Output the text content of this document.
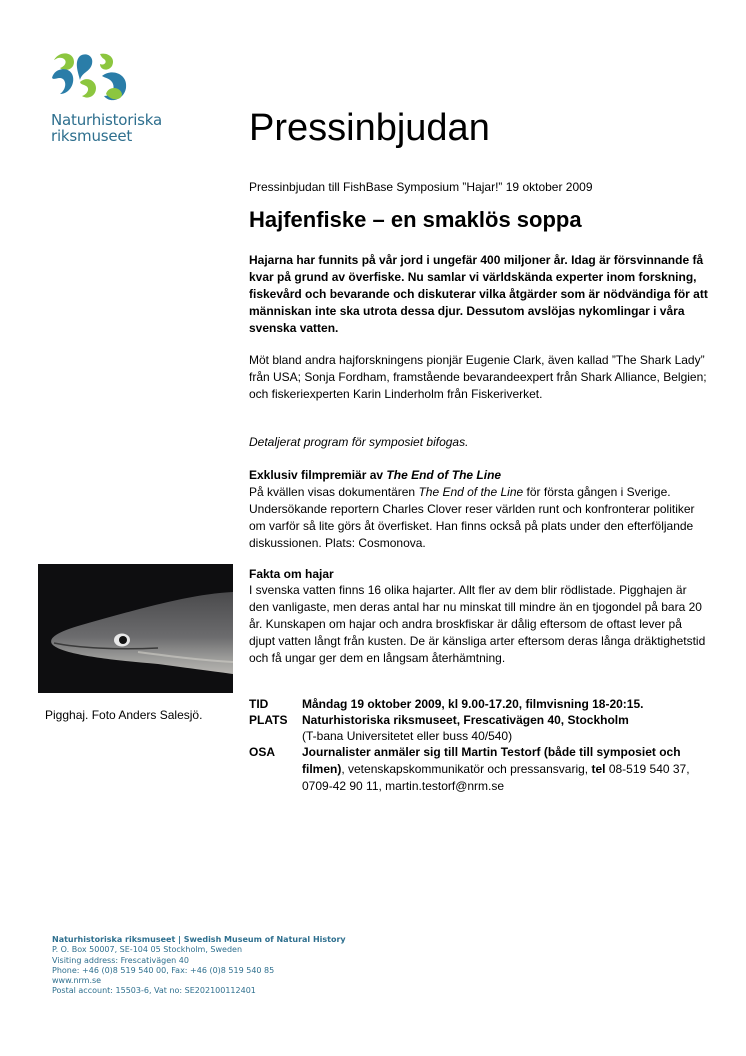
Naturhistoriska
riksmuseet	Pressinbjudan
Pressinbjudan till FishBase Symposium ”Hajar!” 19 oktober 2009
Hajfenfiske – en smaklös soppa
Hajarna har funnits på vår jord i ungefär 400 miljoner år. Idag är försvinnande få kvar på grund av överfiske. Nu samlar vi världskända experter inom forskning, fiskevård och bevarande och diskuterar vilka åtgärder som är nödvändiga för att människan inte ska utrota dessa djur. Dessutom avslöjas nykomlingar i våra svenska vatten.
Möt bland andra hajforskningens pionjär Eugenie Clark, även kallad ”The Shark Lady” från USA; Sonja Fordham, framstående bevarandeexpert från Shark Alliance, Belgien; och fiskeriexperten Karin Linderholm från Fiskeriverket.
Detaljerat program för symposiet bifogas.
Exklusiv filmpremiär av The End of The Line
På kvällen visas dokumentären The End of the Line för första gången i Sverige. Undersökande reportern Charles Clover reser världen runt och konfronterar politiker om varför så lite görs åt överfisket. Han finns också på plats under den efterföljande diskussionen. Plats: Cosmonova.
Fakta om hajar
I svenska vatten finns 16 olika hajarter. Allt fler av dem blir rödlistade. Pigghajen är den vanligaste, men deras antal har nu minskat till mindre än en tjogondel på bara 20 år. Kunskapen om hajar och andra broskfiskar är dålig eftersom de oftast lever på djupt vatten långt från kusten. De är känsliga arter eftersom deras långa dräktighetstid och få ungar ger dem en långsam återhämtning.
Pigghaj. Foto Anders Salesjö.
TID	Måndag 19 oktober 2009, kl 9.00-17.20, filmvisning 18-20:15.
PLATS Naturhistoriska riksmuseet, Frescativägen 40, Stockholm
(T-bana Universitetet eller buss 40/540)
OSA Journalister anmäler sig till Martin Testorf (både till symposiet och filmen), vetenskapskommunikatör och pressansvarig, tel 08-519 540 37, 0709-42 90 11, martin.testorf@nrm.se
Naturhistoriska riksmuseet | Swedish Museum of Natural History
P. O. Box 50007, SE-104 05 Stockholm, Sweden
Visiting address: Frescativägen 40
Phone: +46 (0)8 519 540 00, Fax: +46 (0)8 519 540 85
www.nrm.se
Postal account: 15503-6, Vat no: SE202100112401
